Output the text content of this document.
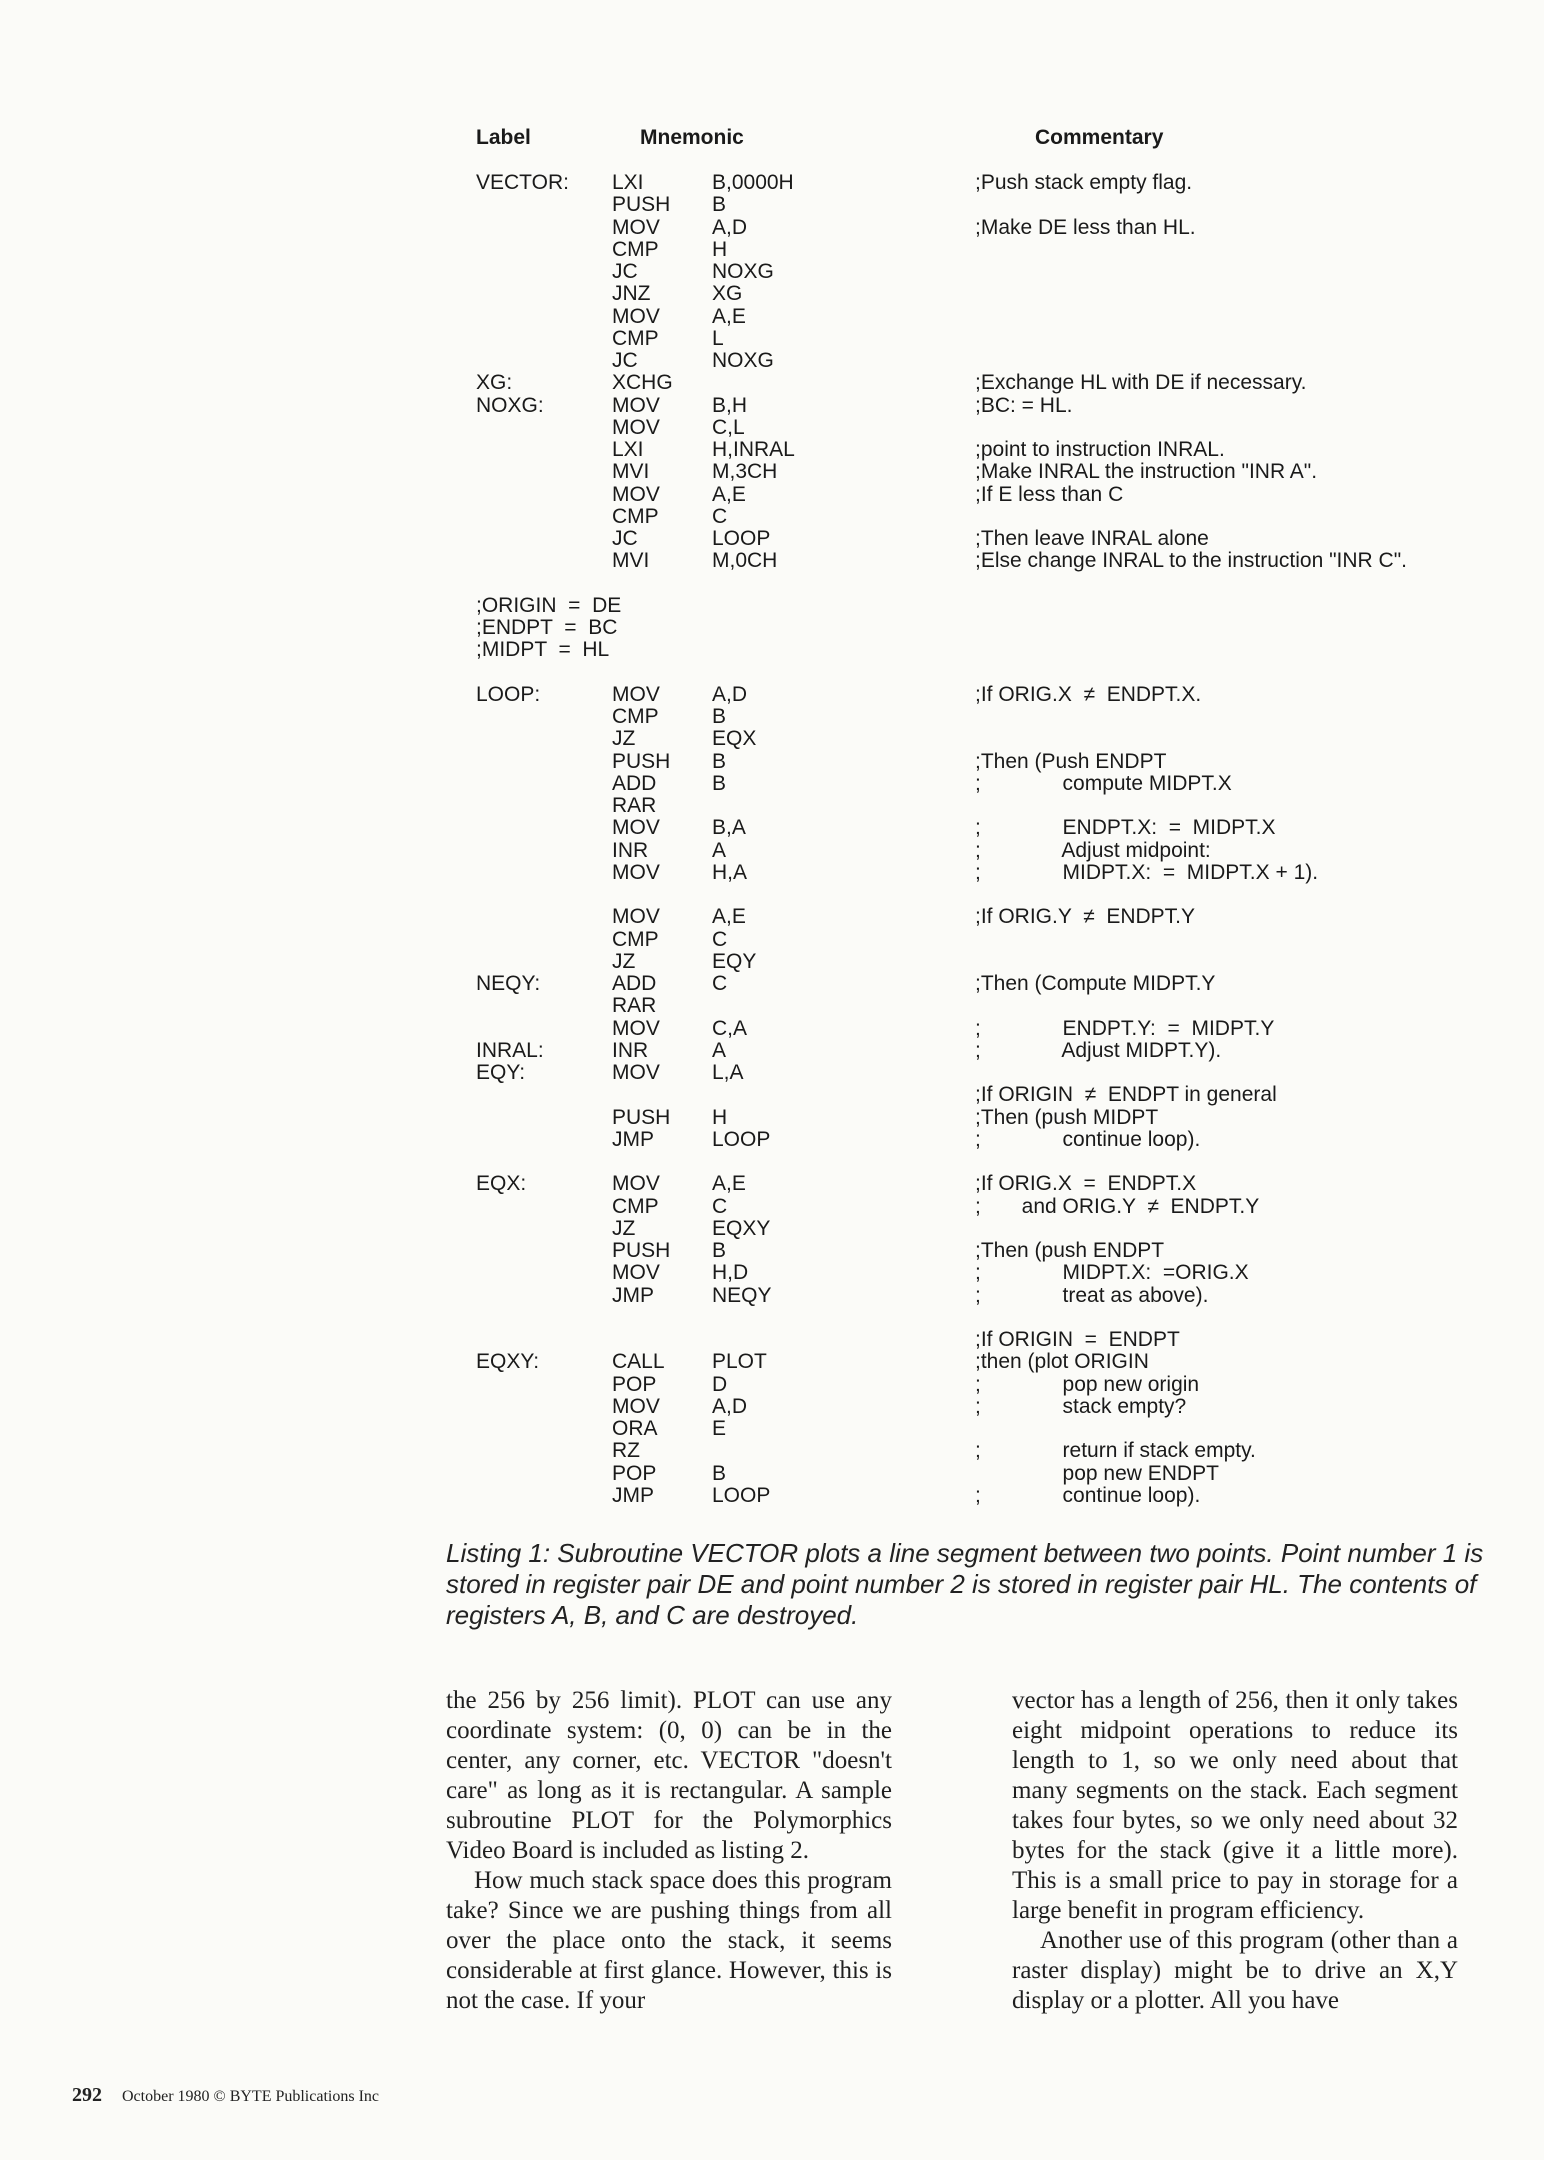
Label	Mnemonic	Commentary
VECTOR: LXI	B,0000H	;Push stack empty flag.
PUSH B
MOV A,D	;Make DE less than HL.
CMP	H
JC	NOXG
JNZ	XG
MOV A,E
CMP	L
JC	NOXG
XG:	XCHG	;Exchange HL with DE if necessary.
NOXG:	MOV B,H	;BC: = HL.
MOV C,L
LXI	H,INRAL	;point to instruction INRAL.
MVI	M,3CH	;Make INRAL the instruction "INR A".
MOV A,E	;If E less than C
CMP	C
JC	LOOP	;Then leave INRAL alone
MVI	M,0CH	;Else change INRAL to the instruction "INR C".
;ORIGIN  =  DE
;ENDPT  =  BC
;MIDPT  =  HL
LOOP:	MOV A,D	;If ORIG.X  ≠  ENDPT.X.
CMP	B
JZ	EQX
PUSH B	;Then (Push ENDPT
ADD	B	;              compute MIDPT.X
RAR
MOV B,A	;              ENDPT.X:  =  MIDPT.X
INR	A	;              Adjust midpoint:
MOV H,A	;              MIDPT.X:  =  MIDPT.X + 1).
MOV A,E	;If ORIG.Y  ≠  ENDPT.Y
CMP	C
JZ	EQY
NEQY:	ADD	C	;Then (Compute MIDPT.Y
RAR
MOV C,A	;              ENDPT.Y:  =  MIDPT.Y
INRAL:	INR	A	;              Adjust MIDPT.Y).
EQY:	MOV L,A
;If ORIGIN  ≠  ENDPT in general
PUSH H	;Then (push MIDPT
JMP	LOOP	;              continue loop).
EQX:	MOV A,E	;If ORIG.X  =  ENDPT.X
CMP	C	;       and ORIG.Y  ≠  ENDPT.Y
JZ	EQXY
PUSH B	;Then (push ENDPT
MOV H,D	;              MIDPT.X:  =ORIG.X
JMP	NEQY	;              treat as above).
;If ORIGIN  =  ENDPT
EQXY:	CALL PLOT	;then (plot ORIGIN
POP	D	;              pop new origin
MOV A,D	;              stack empty?
ORA	E
RZ	;              return if stack empty.
POP	B	pop new ENDPT
JMP	LOOP	;              continue loop).
Listing 1: Subroutine VECTOR plots a line segment between two points. Point number 1 is stored in register pair DE and point number 2 is stored in register pair HL. The contents of registers A, B, and C are destroyed.

the 256 by 256 limit). PLOT can use any coordinate system: (0, 0) can be in the center, any corner, etc. VECTOR "doesn't care" as long as it is rectangular. A sample subroutine PLOT for the Polymorphics Video Board is included as listing 2.

How much stack space does this program take? Since we are pushing things from all over the place onto the stack, it seems considerable at first glance. However, this is not the case. If your

vector has a length of 256, then it only takes eight midpoint operations to reduce its length to 1, so we only need about that many segments on the stack. Each segment takes four bytes, so we only need about 32 bytes for the stack (give it a little more). This is a small price to pay in storage for a large benefit in program efficiency.

Another use of this program (other than a raster display) might be to drive an X,Y display or a plotter. All you have

292 October 1980 © BYTE Publications Inc
